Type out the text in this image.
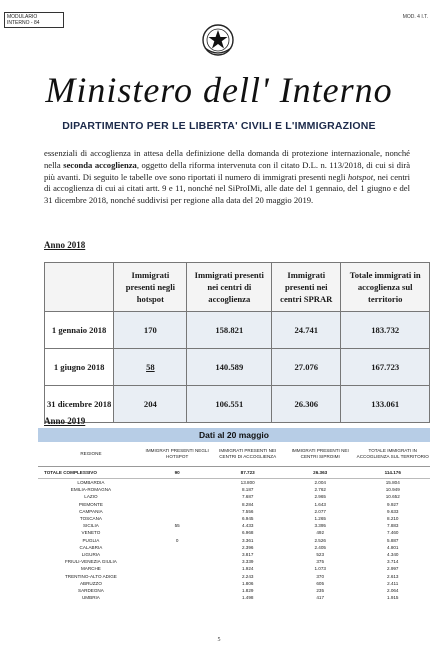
MODULARIO
INTERNO - 84
MOD. 4 I.T.
Ministero dell' Interno
DIPARTIMENTO PER LE LIBERTA' CIVILI E L'IMMIGRAZIONE
essenziali di accoglienza in attesa della definizione della domanda di protezione internazionale, nonché nella seconda accoglienza, oggetto della riforma intervenuta con il citato D.L. n. 113/2018, di cui si dirà più avanti. Di seguito le tabelle ove sono riportati il numero di immigrati presenti negli hotspot, nei centri di accoglienza di cui ai citati artt. 9 e 11, nonché nel SiProIMi, alle date del 1 gennaio, del 1 giugno e del 31 dicembre 2018, nonché suddivisi per regione alla data del 20 maggio 2019.
Anno 2018
	Immigrati presenti negli hotspot	Immigrati presenti nei centri di accoglienza	Immigrati presenti nei centri SPRAR	Totale immigrati in accoglienza sul territorio
1 gennaio 2018	170	158.821	24.741	183.732
1 giugno 2018	58	140.589	27.076	167.723
31 dicembre 2018	204	106.551	26.306	133.061
Anno 2019
Dati al 20 maggio
REGIONE	IMMIGRATI PRESENTI NEGLI HOTSPOT	IMMIGRATI PRESENTI NEI CENTRI DI ACCOGLIENZA	IMMIGRATI PRESENTI NEI CENTRI SIPROIMI	TOTALE IMMIGRATI IN ACCOGLIENZA SUL TERRITORIO
TOTALE COMPLESSIVO	90	87.723	26.363	114.176
LOMBARDIA		13.800	2.004	15.804
EMILIA-ROMAGNA		8.187	2.762	10.949
LAZIO		7.687	2.965	10.652
PIEMONTE		8.284	1.643	9.927
CAMPANIA		7.556	2.077	9.633
TOSCANA		6.945	1.265	8.210
SICILIA	55	4.433	3.395	7.883
VENETO		6.968	492	7.460
PUGLIA	0	3.361	2.526	5.887
CALABRIA		2.396	2.405	4.801
LIGURIA		3.817	523	4.340
FRIULI-VENEZIA GIULIA		3.339	375	3.714
MARCHE		1.924	1.073	2.997
TRENTINO-ALTO ADIGE		2.243	370	2.613
ABRUZZO		1.806	605	2.411
SARDEGNA		1.829	235	2.064
UMBRIA		1.498	417	1.915
5
